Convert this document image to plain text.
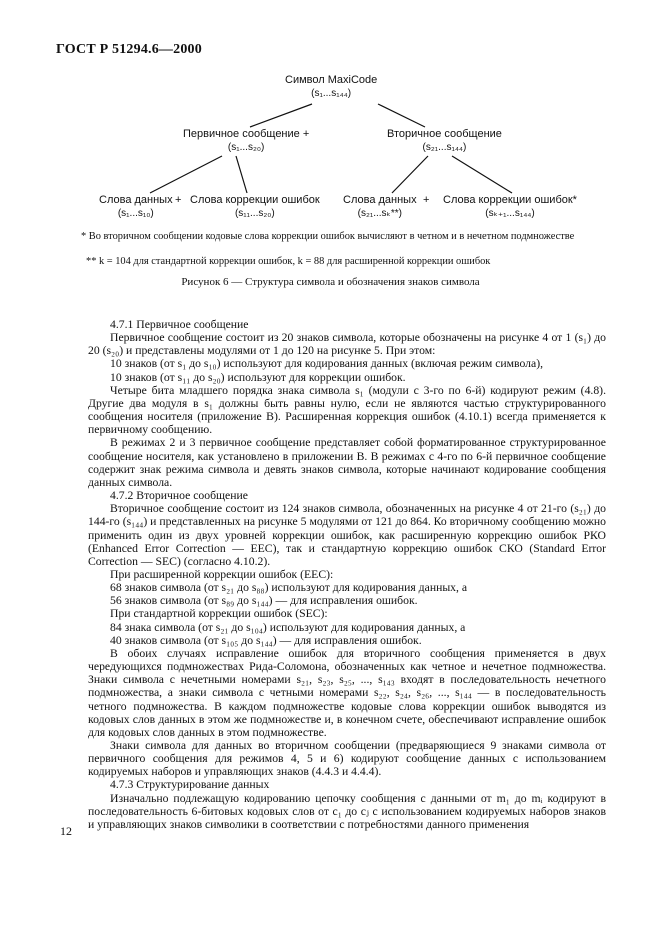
ГОСТ Р 51294.6—2000
Символ MaxiCode
(s₁...s₁₄₄)
Первичное сообщение +
(s₁...s₂₀)
Вторичное сообщение
(s₂₁...s₁₄₄)
Слова данных
(s₁...s₁₀)
+ Слова коррекции ошибок
(s₁₁...s₂₀)
Слова данных
(s₂₁...sₖ**)
+ Слова коррекции ошибок*
(sₖ₊₁...s₁₄₄)
* Во вторичном сообщении кодовые слова коррекции ошибок вычисляют в четном и в нечетном подмножестве
** k = 104 для стандартной коррекции ошибок, k = 88 для расширенной коррекции ошибок
Рисунок 6 — Структура символа и обозначения знаков символа

4.7.1 Первичное сообщение

Первичное сообщение состоит из 20 знаков символа, которые обозначены на рисунке 4 от 1 (s₁) до 20 (s₂₀) и представлены модулями от 1 до 120 на рисунке 5. При этом:

10 знаков (от s₁ до s₁₀) используют для кодирования данных (включая режим символа),

10 знаков (от s₁₁ до s₂₀) используют для коррекции ошибок.

Четыре бита младшего порядка знака символа s₁ (модули с 3-го по 6-й) кодируют режим (4.8). Другие два модуля в s₁ должны быть равны нулю, если не являются частью структурированного сообщения носителя (приложение В). Расширенная коррекция ошибок (4.10.1) всегда применяется к первичному сообщению.

В режимах 2 и 3 первичное сообщение представляет собой форматированное структурированное сообщение носителя, как установлено в приложении В. В режимах с 4-го по 6-й первичное сообщение содержит знак режима символа и девять знаков символа, которые начинают кодирование сообщения данных символа.

4.7.2 Вторичное сообщение

Вторичное сообщение состоит из 124 знаков символа, обозначенных на рисунке 4 от 21-го (s₂₁) до 144-го (s₁₄₄) и представленных на рисунке 5 модулями от 121 до 864. Ко вторичному сообщению можно применить один из двух уровней коррекции ошибок, как расширенную коррекцию ошибок РКО (Enhanced Error Correction — EEC), так и стандартную коррекцию ошибок СКО (Standard Error Correction — SEC) (согласно 4.10.2).

При расширенной коррекции ошибок (EEC):

68 знаков символа (от s₂₁ до s₈₈) используют для кодирования данных, а

56 знаков символа (от s₈₉ до s₁₄₄) — для исправления ошибок.

При стандартной коррекции ошибок (SEC):

84 знака символа (от s₂₁ до s₁₀₄) используют для кодирования данных, а

40 знаков символа (от s₁₀₅ до s₁₄₄) — для исправления ошибок.

В обоих случаях исправление ошибок для вторичного сообщения применяется в двух чередующихся подмножествах Рида-Соломона, обозначенных как четное и нечетное подмножества. Знаки символа с нечетными номерами s₂₁, s₂₃, s₂₅, ..., s₁₄₃ входят в последовательность нечетного подмножества, а знаки символа с четными номерами s₂₂, s₂₄, s₂₆, ..., s₁₄₄ — в последовательность четного подмножества. В каждом подмножестве кодовые слова коррекции ошибок выводятся из кодовых слов данных в этом же подмножестве и, в конечном счете, обеспечивают исправление ошибок для кодовых слов данных в этом подмножестве.

Знаки символа для данных во вторичном сообщении (предваряющиеся 9 знаками символа от первичного сообщения для режимов 4, 5 и 6) кодируют сообщение данных с использованием кодируемых наборов и управляющих знаков (4.4.3 и 4.4.4).

4.7.3 Структурирование данных

Изначально подлежащую кодированию цепочку сообщения с данными от m₁ до mᵢ кодируют в последовательность 6-битовых кодовых слов от c₁ до cⱼ с использованием кодируемых наборов знаков и управляющих знаков символики в соответствии с потребностями данного применения

12
